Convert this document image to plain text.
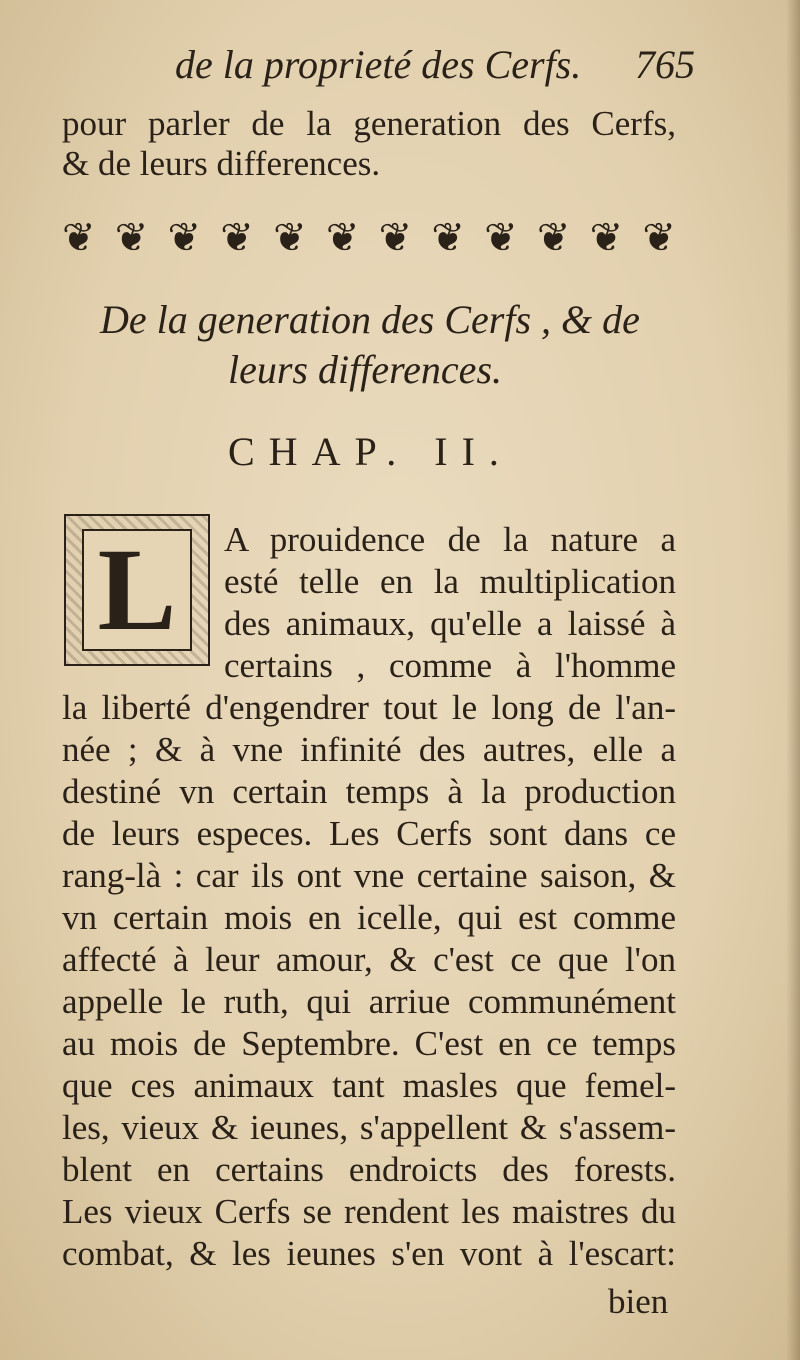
de la proprieté des Cerfs. 765
pour parler de la generation des Cerfs,
& de leurs differences.
❦ ❦ ❦ ❦ ❦ ❦ ❦ ❦ ❦ ❦ ❦ ❦
De la generation des Cerfs , & de
leurs differences.
CHAP. II.
L	A prouidence de la nature a
esté telle en la multiplication
des animaux, qu'elle a laissé à
certains , comme à l'homme
la liberté d'engendrer tout le long de l'an-
née ; & à vne infinité des autres, elle a
destiné vn certain temps à la production
de leurs especes. Les Cerfs sont dans ce
rang-là : car ils ont vne certaine saison, &
vn certain mois en icelle, qui est comme
affecté à leur amour, & c'est ce que l'on
appelle le ruth, qui arriue communément
au mois de Septembre. C'est en ce temps
que ces animaux tant masles que femel-
les, vieux & ieunes, s'appellent & s'assem-
blent en certains endroicts des forests.
Les vieux Cerfs se rendent les maistres du
combat, & les ieunes s'en vont à l'escart:
bien
